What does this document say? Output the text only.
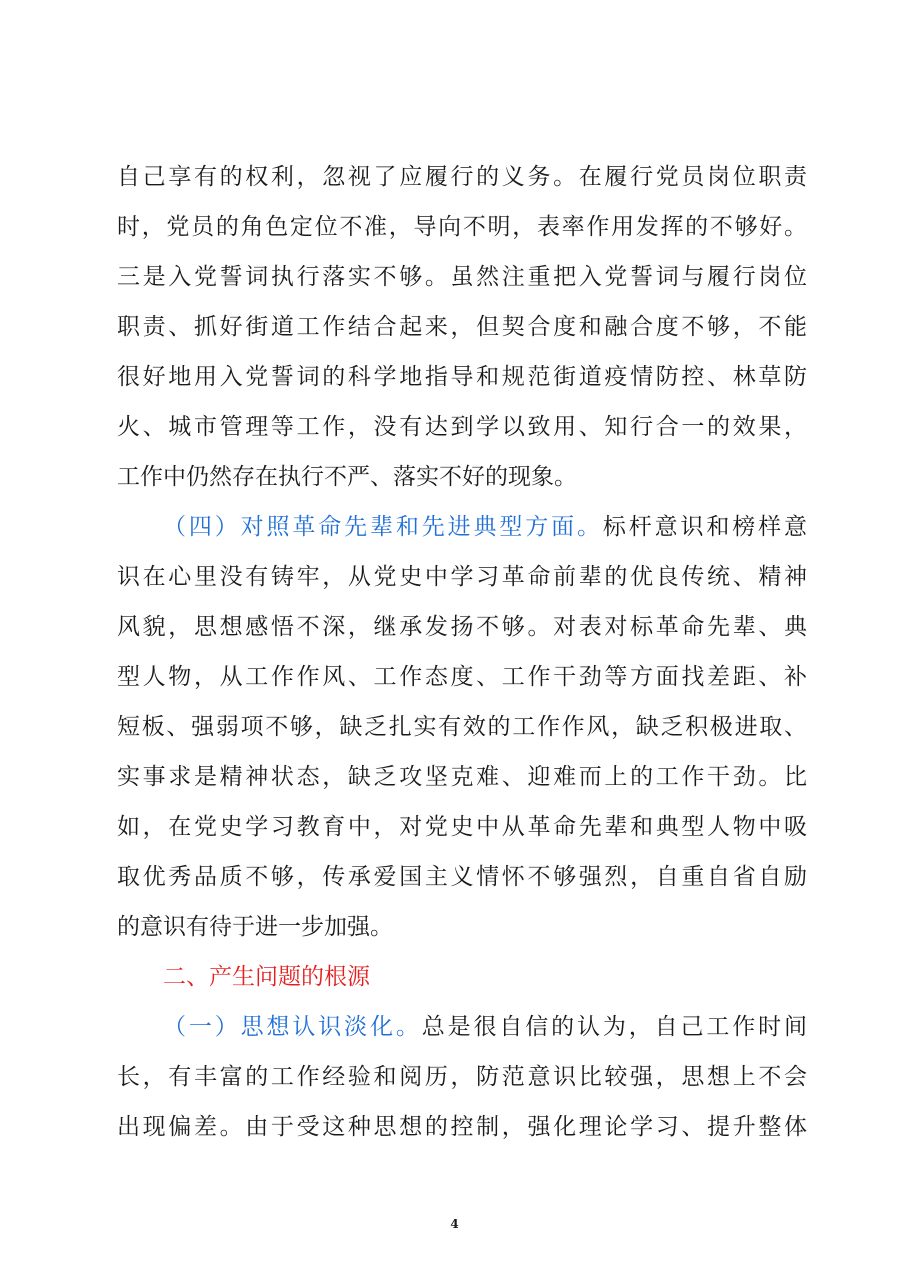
自己享有的权利，忽视了应履行的义务。在履行党员岗位职责
时，党员的角色定位不准，导向不明，表率作用发挥的不够好。
三是入党誓词执行落实不够。虽然注重把入党誓词与履行岗位
职责、抓好街道工作结合起来，但契合度和融合度不够，不能
很好地用入党誓词的科学地指导和规范街道疫情防控、林草防
火、城市管理等工作，没有达到学以致用、知行合一的效果，
工作中仍然存在执行不严、落实不好的现象。
（四）对照革命先辈和先进典型方面。标杆意识和榜样意
识在心里没有铸牢，从党史中学习革命前辈的优良传统、精神
风貌，思想感悟不深，继承发扬不够。对表对标革命先辈、典
型人物，从工作作风、工作态度、工作干劲等方面找差距、补
短板、强弱项不够，缺乏扎实有效的工作作风，缺乏积极进取、
实事求是精神状态，缺乏攻坚克难、迎难而上的工作干劲。比
如，在党史学习教育中，对党史中从革命先辈和典型人物中吸
取优秀品质不够，传承爱国主义情怀不够强烈，自重自省自励
的意识有待于进一步加强。
二、产生问题的根源
（一）思想认识淡化。总是很自信的认为，自己工作时间
长，有丰富的工作经验和阅历，防范意识比较强，思想上不会
出现偏差。由于受这种思想的控制，强化理论学习、提升整体
4
